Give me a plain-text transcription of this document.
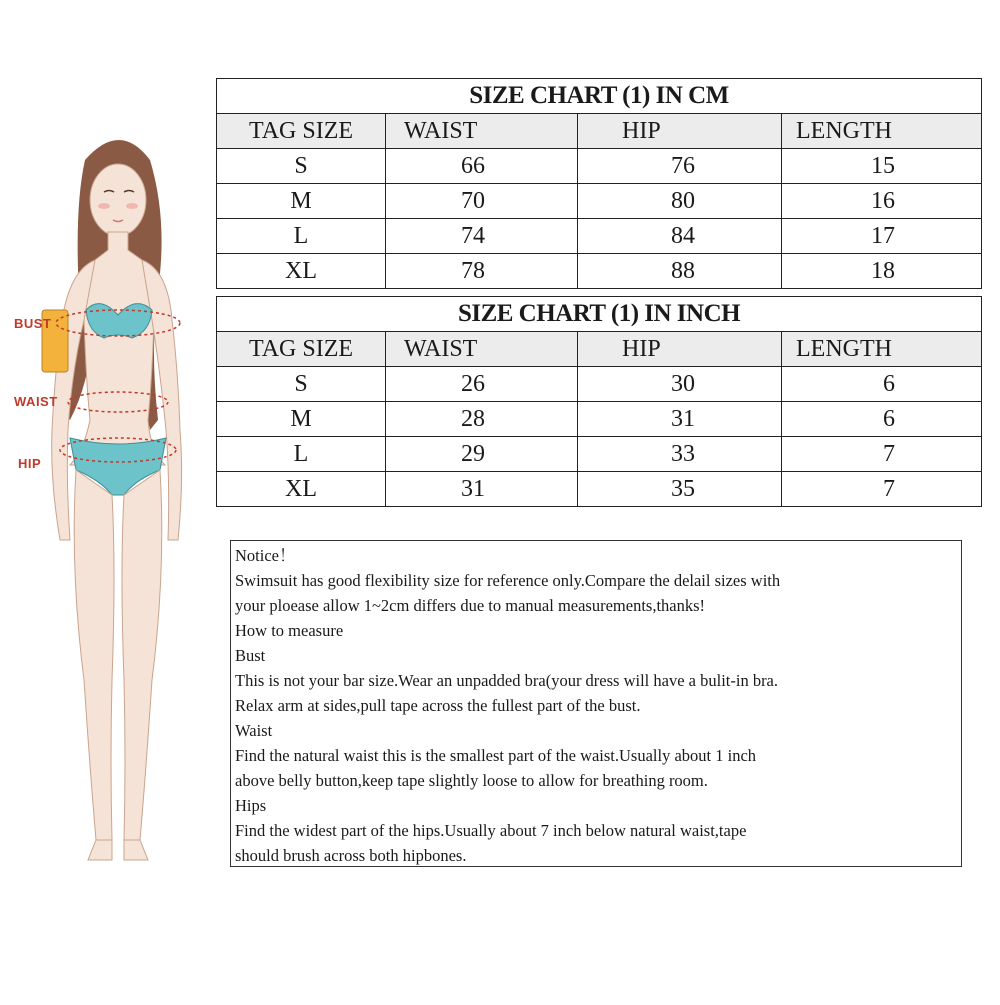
BUST
WAIST
HIP
SIZE CHART (1) IN CM			
TAG SIZE	WAIST	HIP	LENGTH
S	66	76	15
M	70	80	16
L	74	84	17
XL	78	88	18
SIZE CHART (1) IN INCH			
TAG SIZE	WAIST	HIP	LENGTH
S	26	30	6
M	28	31	6
L	29	33	7
XL	31	35	7
Notice！
Swimsuit has good flexibility size for reference only.Compare the delail sizes with
your ploease allow 1~2cm differs due to manual measurements,thanks!
How to measure
Bust
This is not your bar size.Wear an unpadded bra(your dress will have a bulit-in bra.
Relax arm at sides,pull tape across the fullest part of the bust.
Waist
Find the natural waist this is the smallest part of the waist.Usually about 1 inch
above belly button,keep tape slightly loose to allow for breathing room.
Hips
Find the widest part of the hips.Usually about 7 inch below natural waist,tape
should brush across both hipbones.
